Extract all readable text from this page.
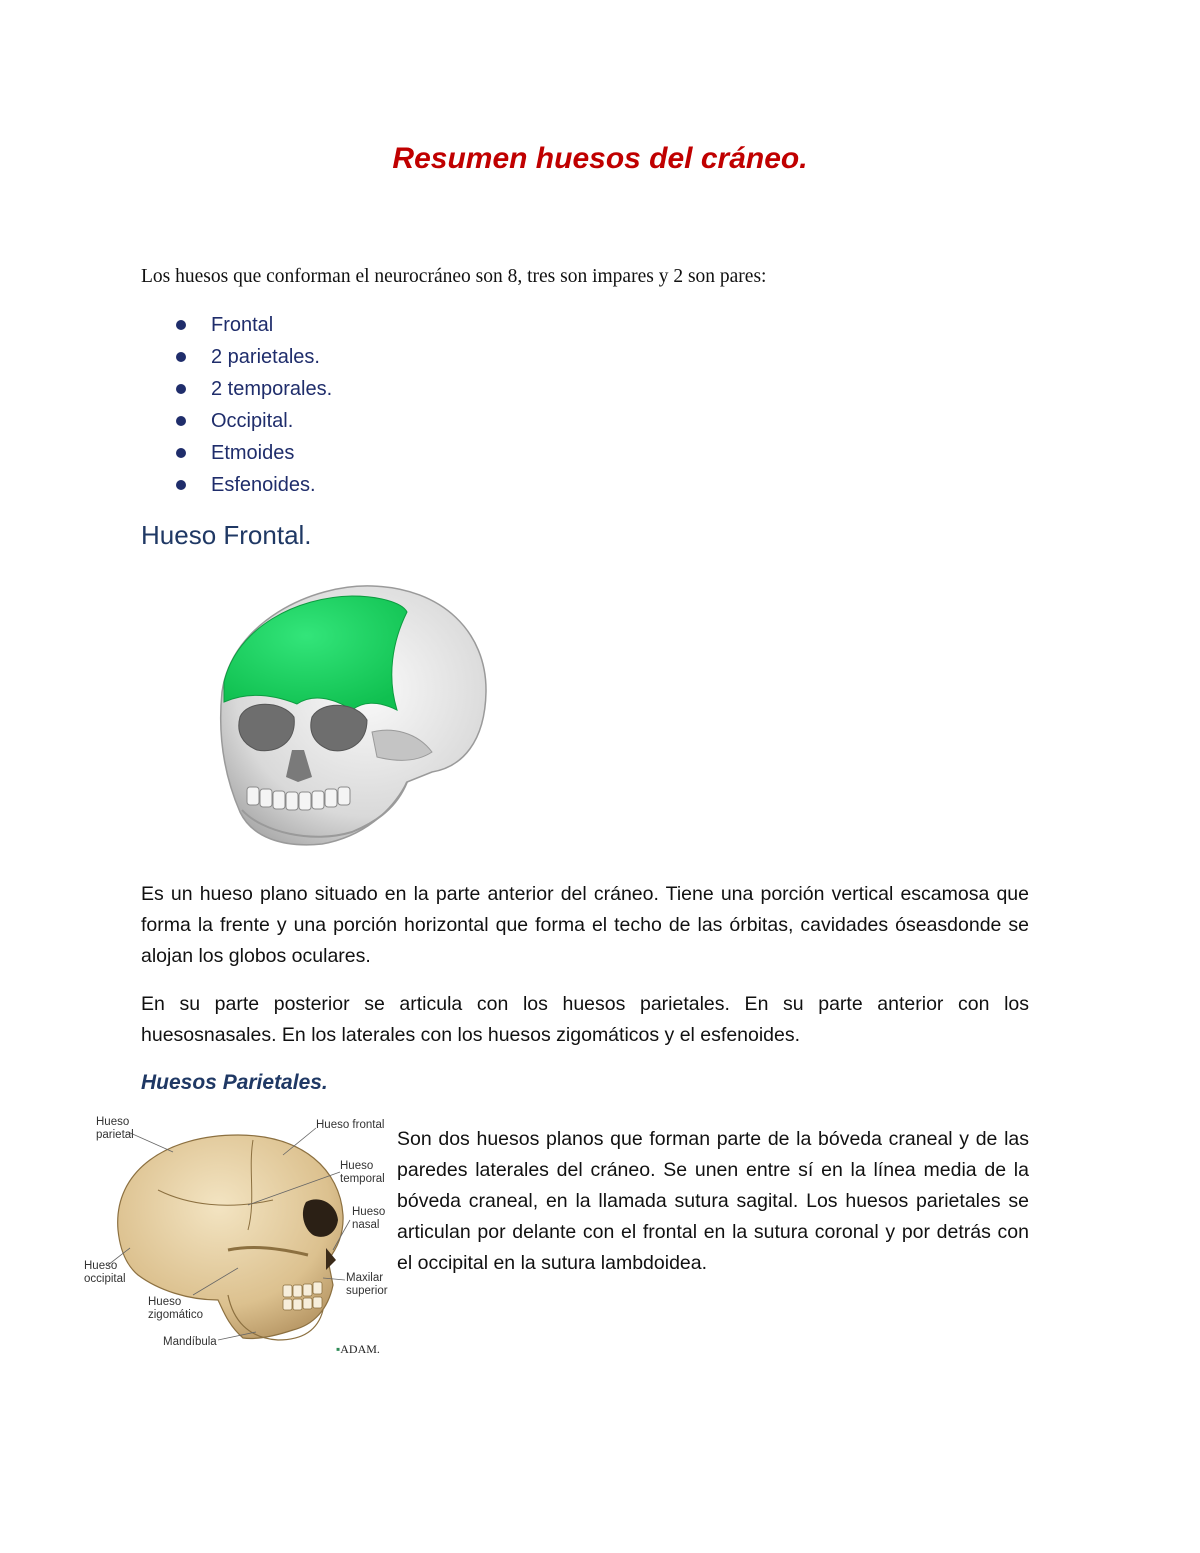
Resumen huesos del cráneo.

Los huesos que conforman el neurocráneo son 8, tres son impares y 2 son pares:

Frontal
2 parietales.
2 temporales.
Occipital.
Etmoides
Esfenoides.
Hueso Frontal.

Es un hueso plano situado en la parte anterior del cráneo. Tiene una porción vertical escamosa que forma la frente y una porción horizontal que forma el techo de las órbitas, cavidades óseasdonde se alojan los globos oculares.

En su parte posterior se articula con los huesos parietales. En su parte anterior con los huesosnasales. En los laterales con los huesos zigomáticos y el esfenoides.

Huesos Parietales.
Hueso
parietal
Hueso frontal
Hueso
temporal
Hueso
nasal
Hueso
occipital	Maxilar
superior
Hueso
zigomático
Mandíbula	▪ADAM.

Son dos huesos planos que forman parte de la bóveda craneal y de las paredes laterales del cráneo. Se unen entre sí en la línea media de la bóveda craneal, en la llamada sutura sagital. Los huesos parietales se articulan por delante con el frontal en la sutura coronal y por detrás con el occipital en la sutura lambdoidea.
